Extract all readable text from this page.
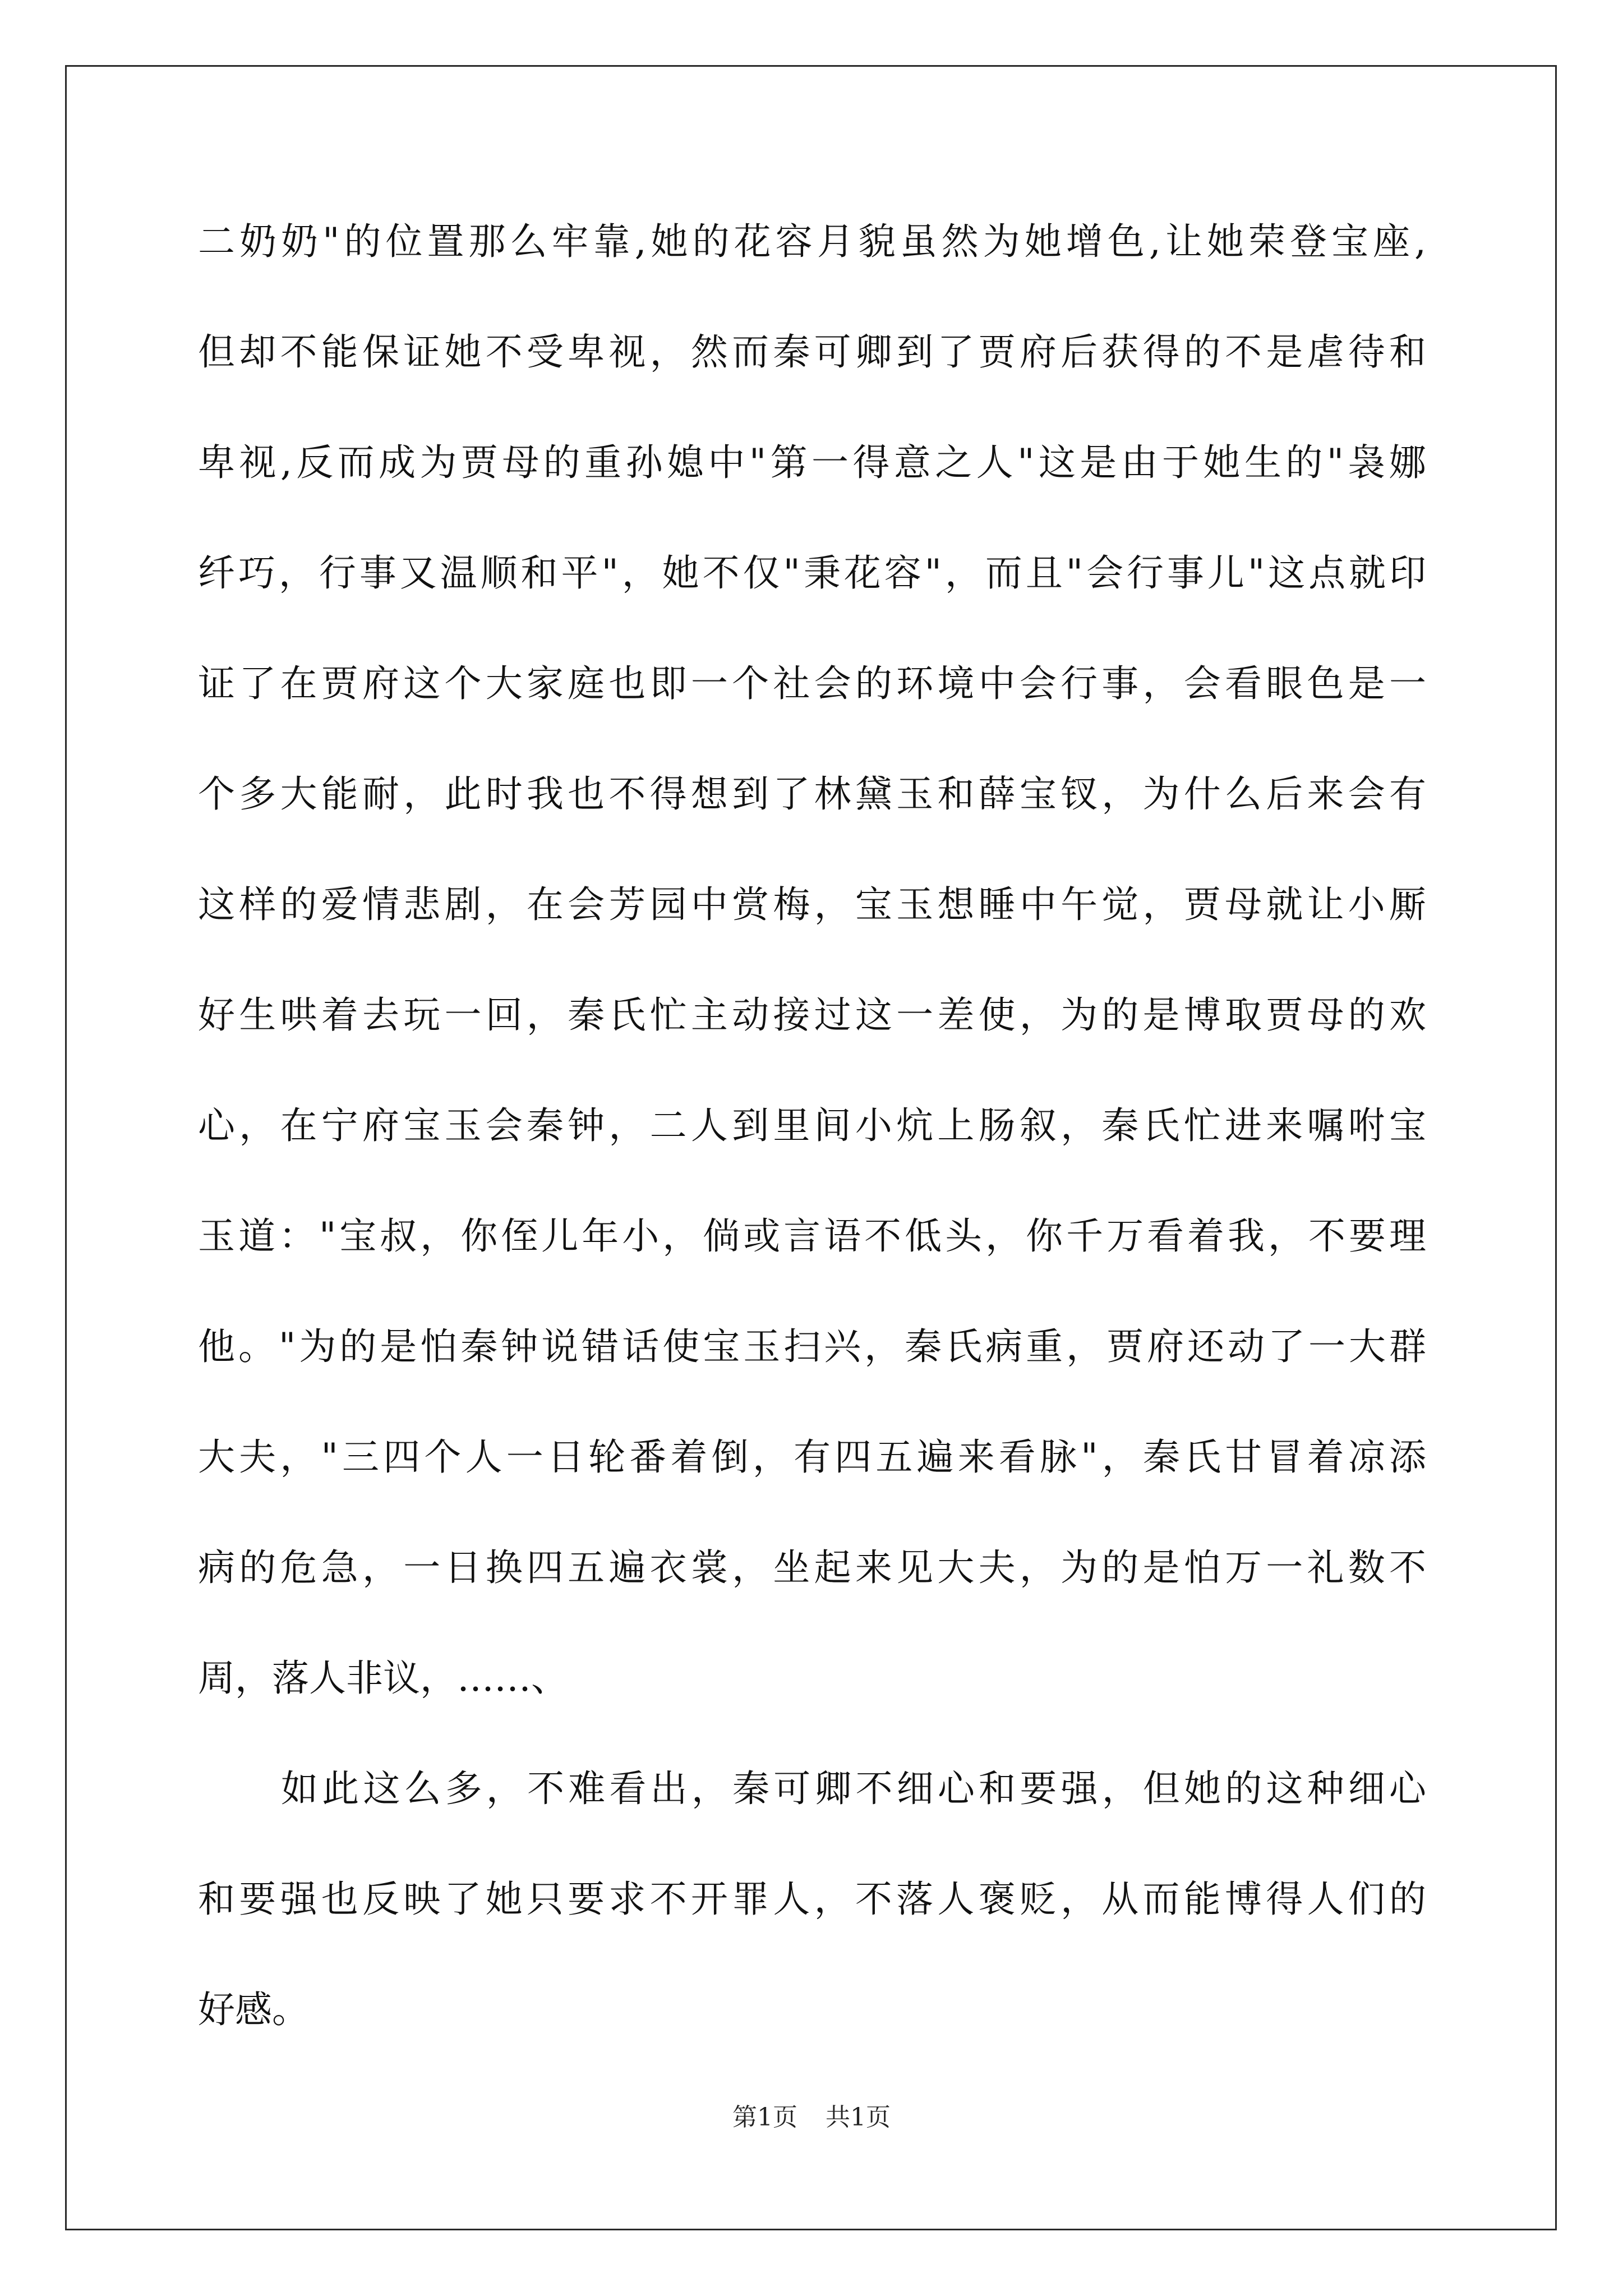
二奶奶"的位置那么牢靠,她的花容月貌虽然为她增色,让她荣登宝座,
但却不能保证她不受卑视，然而秦可卿到了贾府后获得的不是虐待和
卑视,反而成为贾母的重孙媳中"第一得意之人"这是由于她生的"袅娜
纤巧，行事又温顺和平"，她不仅"秉花容"，而且"会行事儿"这点就印
证了在贾府这个大家庭也即一个社会的环境中会行事，会看眼色是一
个多大能耐，此时我也不得想到了林黛玉和薛宝钗，为什么后来会有
这样的爱情悲剧，在会芳园中赏梅，宝玉想睡中午觉，贾母就让小厮
好生哄着去玩一回，秦氏忙主动接过这一差使，为的是博取贾母的欢
心，在宁府宝玉会秦钟，二人到里间小炕上肠叙，秦氏忙进来嘱咐宝
玉道："宝叔，你侄儿年小，倘或言语不低头，你千万看着我，不要理
他。"为的是怕秦钟说错话使宝玉扫兴，秦氏病重，贾府还动了一大群
大夫，"三四个人一日轮番着倒，有四五遍来看脉"，秦氏甘冒着凉添
病的危急，一日换四五遍衣裳，坐起来见大夫，为的是怕万一礼数不
周，落人非议，……、
如此这么多，不难看出，秦可卿不细心和要强，但她的这种细心
和要强也反映了她只要求不开罪人，不落人褒贬，从而能博得人们的
好感。
第1页 共1页
